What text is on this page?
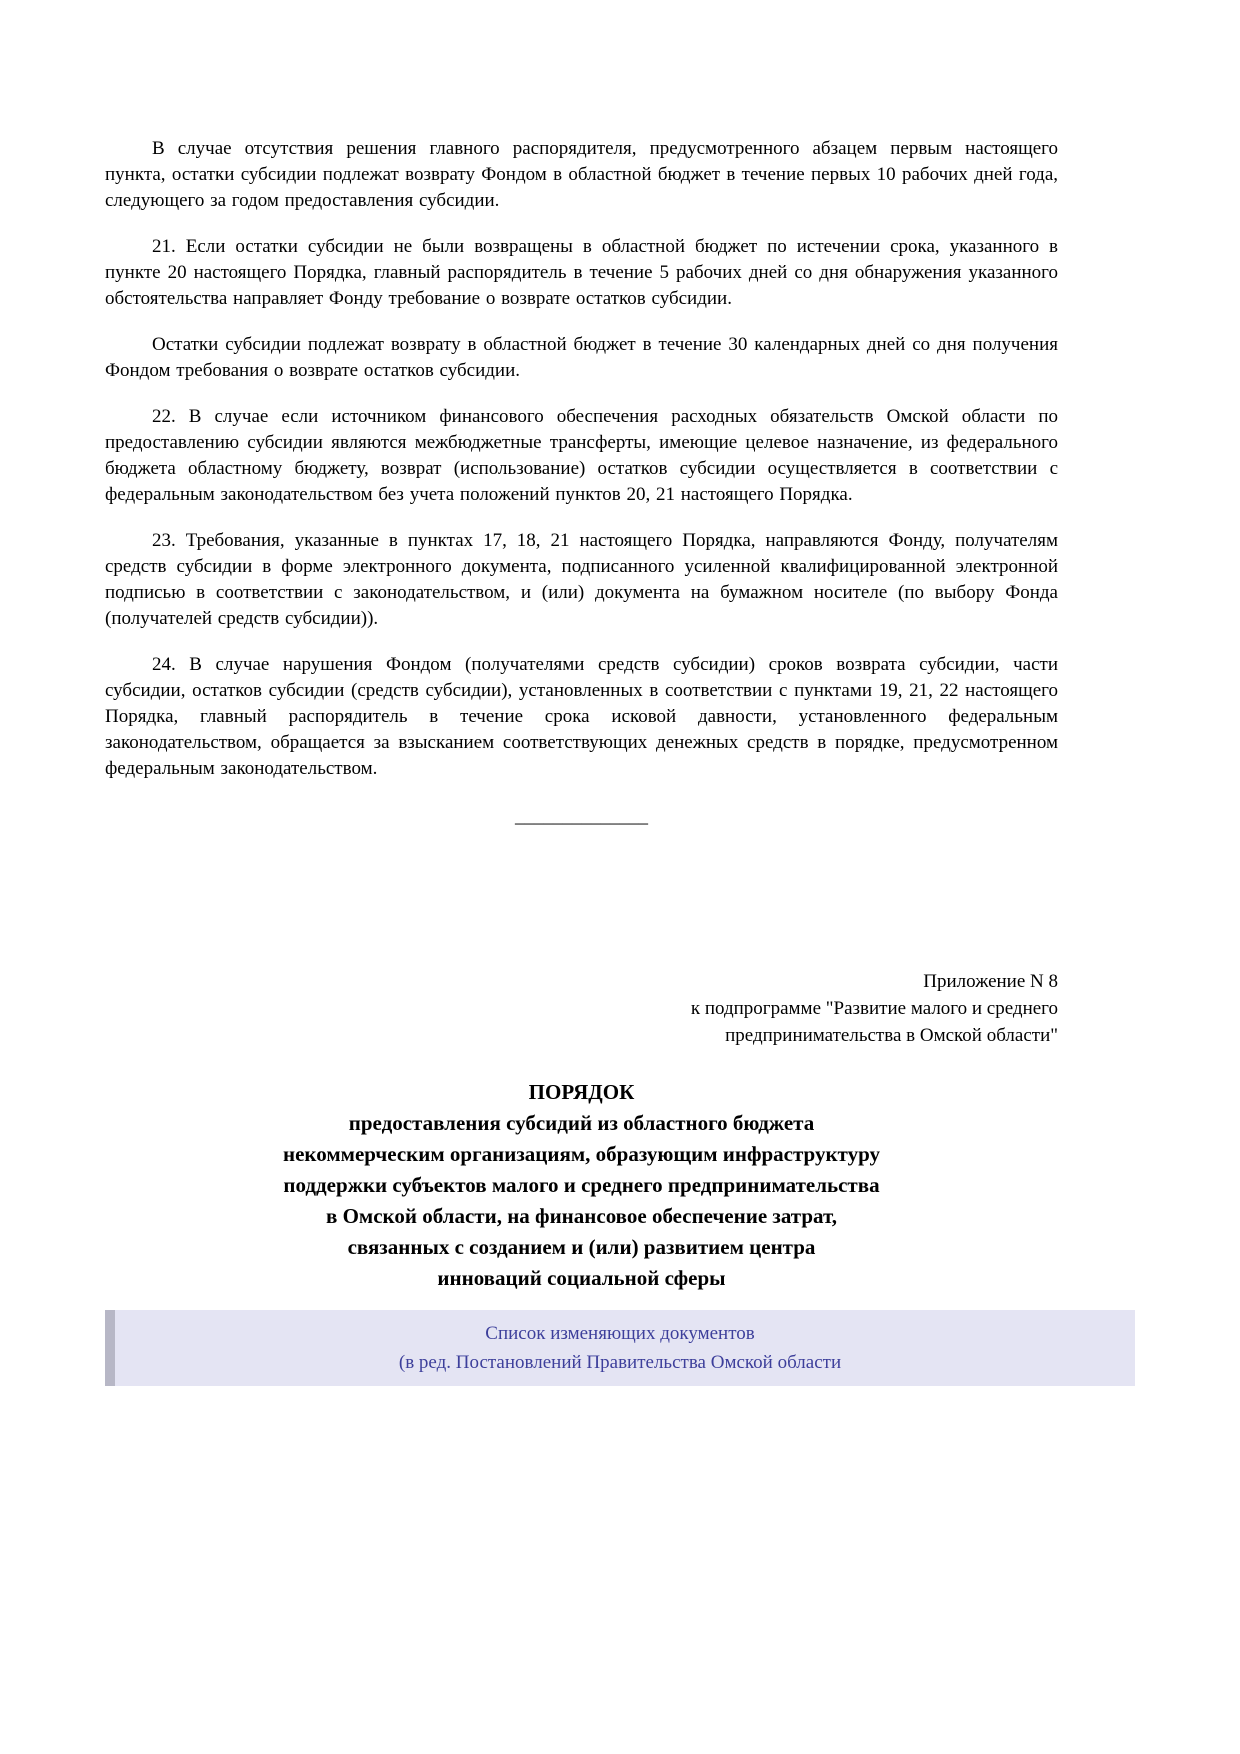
В случае отсутствия решения главного распорядителя, предусмотренного абзацем первым настоящего пункта, остатки субсидии подлежат возврату Фондом в областной бюджет в течение первых 10 рабочих дней года, следующего за годом предоставления субсидии.

21. Если остатки субсидии не были возвращены в областной бюджет по истечении срока, указанного в пункте 20 настоящего Порядка, главный распорядитель в течение 5 рабочих дней со дня обнаружения указанного обстоятельства направляет Фонду требование о возврате остатков субсидии.

Остатки субсидии подлежат возврату в областной бюджет в течение 30 календарных дней со дня получения Фондом требования о возврате остатков субсидии.

22. В случае если источником финансового обеспечения расходных обязательств Омской области по предоставлению субсидии являются межбюджетные трансферты, имеющие целевое назначение, из федерального бюджета областному бюджету, возврат (использование) остатков субсидии осуществляется в соответствии с федеральным законодательством без учета положений пунктов 20, 21 настоящего Порядка.

23. Требования, указанные в пунктах 17, 18, 21 настоящего Порядка, направляются Фонду, получателям средств субсидии в форме электронного документа, подписанного усиленной квалифицированной электронной подписью в соответствии с законодательством, и (или) документа на бумажном носителе (по выбору Фонда (получателей средств субсидии)).

24. В случае нарушения Фондом (получателями средств субсидии) сроков возврата субсидии, части субсидии, остатков субсидии (средств субсидии), установленных в соответствии с пунктами 19, 21, 22 настоящего Порядка, главный распорядитель в течение срока исковой давности, установленного федеральным законодательством, обращается за взысканием соответствующих денежных средств в порядке, предусмотренном федеральным законодательством.

______________
Приложение N 8
к подпрограмме "Развитие малого и среднего
предпринимательства в Омской области"
ПОРЯДОК
предоставления субсидий из областного бюджета
некоммерческим организациям, образующим инфраструктуру
поддержки субъектов малого и среднего предпринимательства
в Омской области, на финансовое обеспечение затрат,
связанных с созданием и (или) развитием центра
инноваций социальной сферы
Список изменяющих документов
(в ред. Постановлений Правительства Омской области
